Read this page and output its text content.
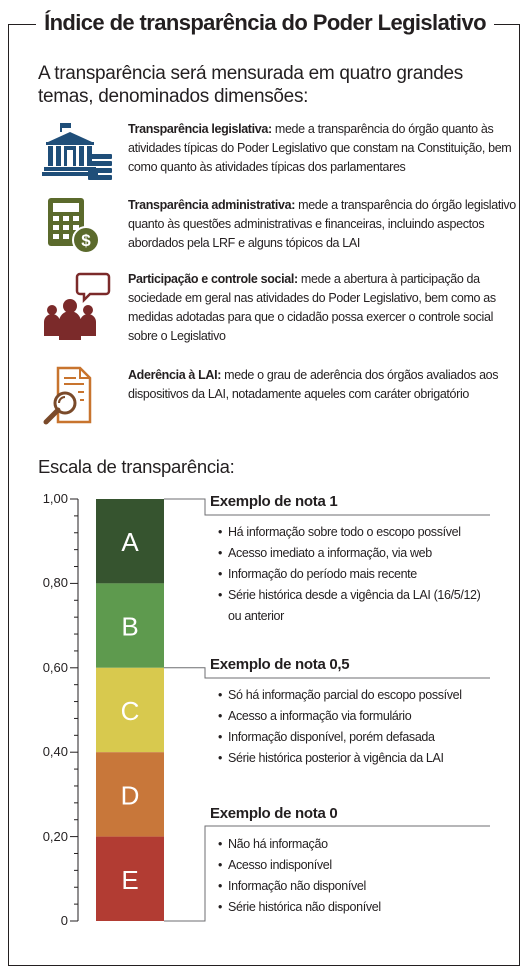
Índice de transparência do Poder Legislativo
A transparência será mensurada em quatro grandes temas, denominados dimensões:
Transparência legislativa: mede a transparência do órgão quanto às atividades típicas do Poder Legislativo que constam na Constituição, bem como quanto às atividades típicas dos parlamentares
$
Transparência administrativa: mede a transparência do órgão legislativo quanto às questões administrativas e financeiras, incluindo aspectos abordados pela LRF e alguns tópicos da LAI
Participação e controle social: mede a abertura à participação da sociedade em geral nas atividades do Poder Legislativo, bem como as medidas adotadas para que o cidadão possa exercer o controle social sobre o Legislativo
Aderência à LAI: mede o grau de aderência dos órgãos avaliados aos dispositivos da LAI, notadamente aqueles com caráter obrigatório
Escala de transparência:
A
B
C
D
E
1,00
0,80
0,60
0,40
0,20
0
Exemplo de nota 1
• Há informação sobre todo o escopo possível
• Acesso imediato a informação, via web
• Informação do período mais recente
• Série histórica desde a vigência da LAI (16/5/12) ou anterior
Exemplo de nota 0,5
• Só há informação parcial do escopo possível
• Acesso a informação via formulário
• Informação disponível, porém defasada
• Série histórica posterior à vigência da LAI
Exemplo de nota 0
• Não há informação
• Acesso indisponível
• Informação não disponível
• Série histórica não disponível
